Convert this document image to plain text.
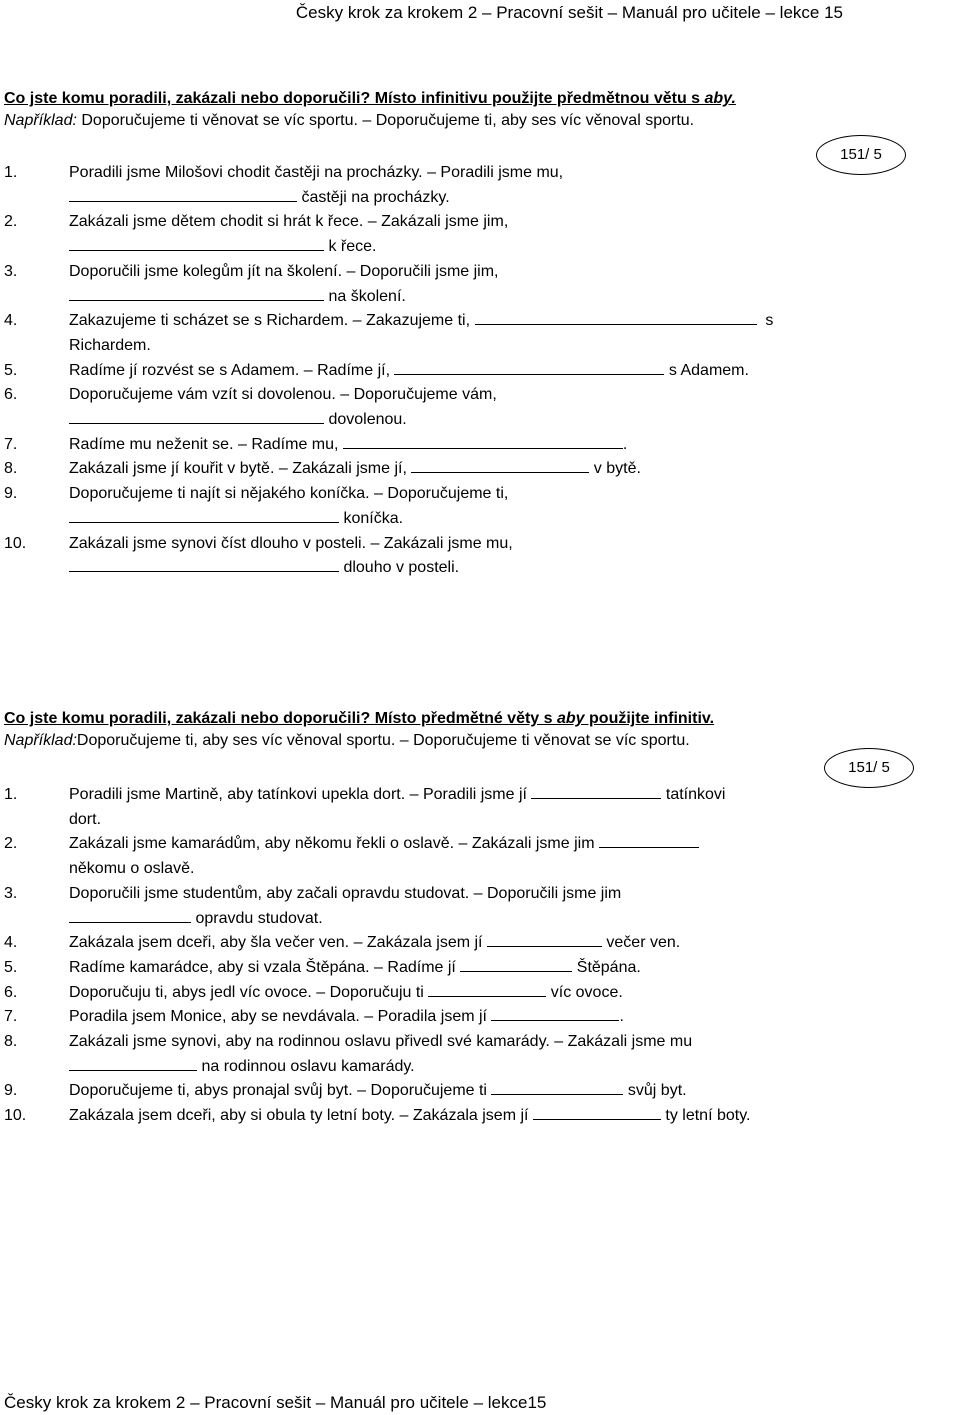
Česky krok za krokem 2 – Pracovní sešit – Manuál pro učitele – lekce 15
Co jste komu poradili, zakázali nebo doporučili? Místo infinitivu použijte předmětnou větu s aby.
Například: Doporučujeme ti věnovat se víc sportu. – Doporučujeme ti, aby ses víc věnoval sportu.
1.	Poradili jsme Milošovi chodit častěji na procházky. – Poradili jsme mu,
častěji na procházky.
2.	Zakázali jsme dětem chodit si hrát k řece. – Zakázali jsme jim,
k řece.
3.	Doporučili jsme kolegům jít na školení. – Doporučili jsme jim,
na školení.
4.	Zakazujeme ti scházet se s Richardem. – Zakazujeme ti,	s
Richardem.
5.	Radíme jí rozvést se s Adamem. – Radíme jí,	s Adamem.
6.	Doporučujeme vám vzít si dovolenou. – Doporučujeme vám,
dovolenou.
7.	Radíme mu neženit se. – Radíme mu,	.
8.	Zakázali jsme jí kouřit v bytě. – Zakázali jsme jí,	v bytě.
9.	Doporučujeme ti najít si nějakého koníčka. – Doporučujeme ti,
koníčka.
10.	Zakázali jsme synovi číst dlouho v posteli. – Zakázali jsme mu,
dlouho v posteli.
151/ 5
Co jste komu poradili, zakázali nebo doporučili? Místo předmětné věty s aby použijte infinitiv.
Například:Doporučujeme ti, aby ses víc věnoval sportu. – Doporučujeme ti věnovat se víc sportu.
1.	Poradili jsme Martině, aby tatínkovi upekla dort. – Poradili jsme jí	tatínkovi
dort.
2.	Zakázali jsme kamarádům, aby někomu řekli o oslavě. – Zakázali jsme jim
někomu o oslavě.
3.	Doporučili jsme studentům, aby začali opravdu studovat. – Doporučili jsme jim
opravdu studovat.
4.	Zakázala jsem dceři, aby šla večer ven. – Zakázala jsem jí	večer ven.
5.	Radíme kamarádce, aby si vzala Štěpána. – Radíme jí	Štěpána.
6.	Doporučuju ti, abys jedl víc ovoce. – Doporučuju ti	víc ovoce.
7.	Poradila jsem Monice, aby se nevdávala. – Poradila jsem jí	.
8.	Zakázali jsme synovi, aby na rodinnou oslavu přivedl své kamarády. – Zakázali jsme mu
na rodinnou oslavu kamarády.
9.	Doporučujeme ti, abys pronajal svůj byt. – Doporučujeme ti	svůj byt.
10.	Zakázala jsem dceři, aby si obula ty letní boty. – Zakázala jsem jí	ty letní boty.
151/ 5
Česky krok za krokem 2 – Pracovní sešit – Manuál pro učitele – lekce15
